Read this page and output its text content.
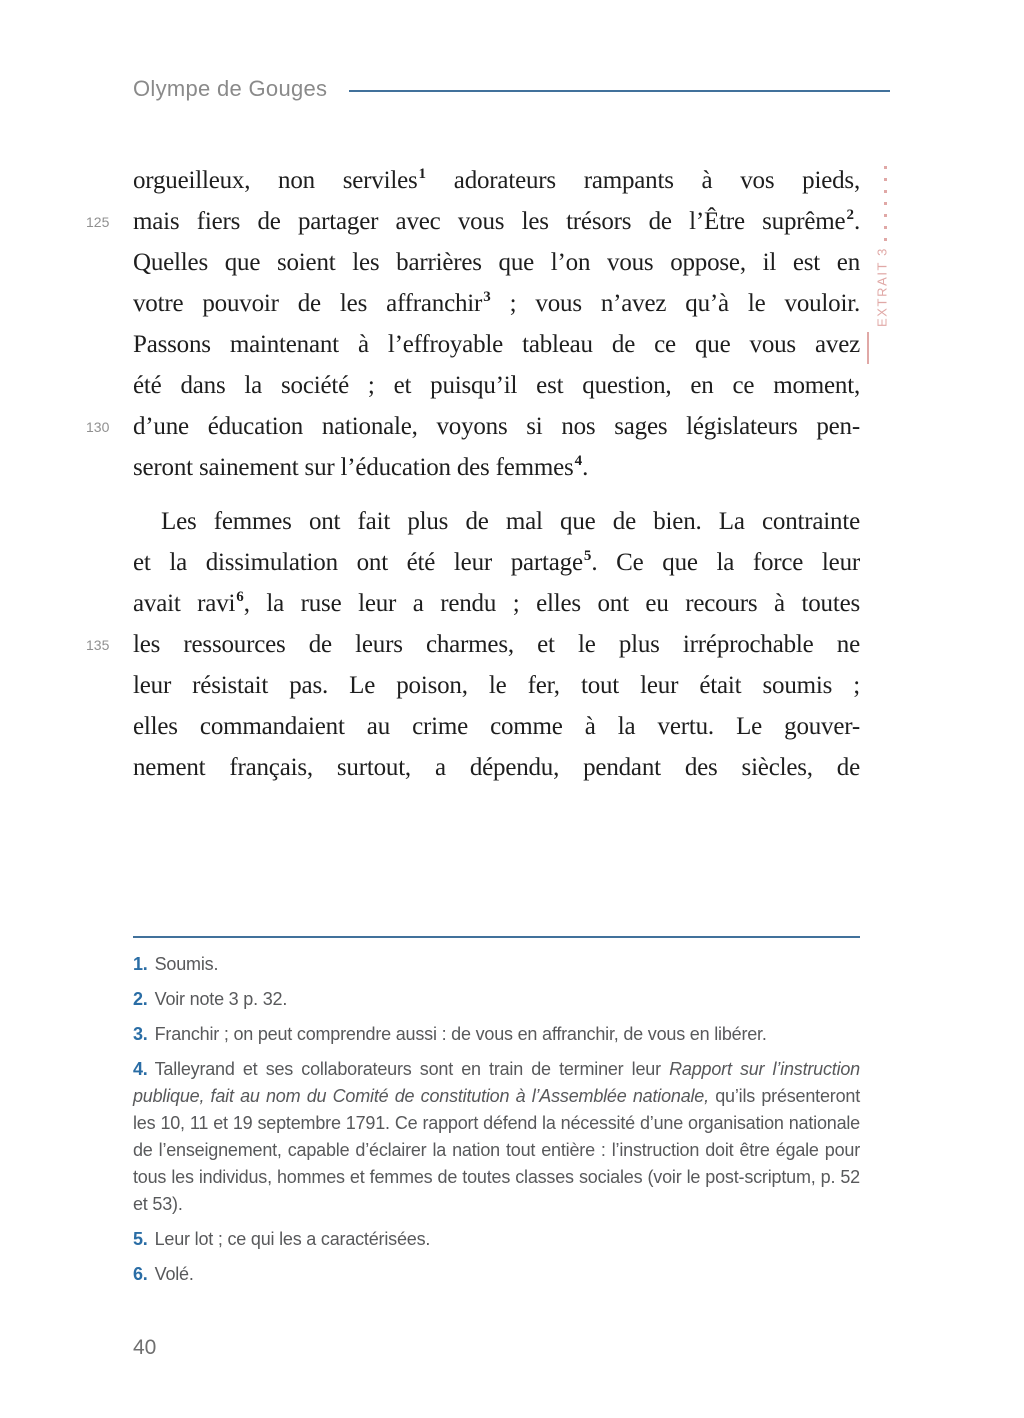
Olympe de Gouges
EXTRAIT 3
orgueilleux, non serviles$^1$ adorateurs rampants à vos pieds,
125 mais fiers de partager avec vous les trésors de l’Être suprême$^2$.
Quelles que soient les barrières que l’on vous oppose, il est en
votre pouvoir de les affranchir$^3$ ; vous n’avez qu’à le vouloir.
Passons maintenant à l’effroyable tableau de ce que vous avez
été dans la société ; et puisqu’il est question, en ce moment,
130 d’une éducation nationale, voyons si nos sages législateurs pen-
seront sainement sur l’éducation des femmes$^4$.
Les femmes ont fait plus de mal que de bien. La contrainte
et la dissimulation ont été leur partage$^5$. Ce que la force leur
avait ravi$^6$, la ruse leur a rendu ; elles ont eu recours à toutes
135 les ressources de leurs charmes, et le plus irréprochable ne
leur résistait pas. Le poison, le fer, tout leur était soumis ;
elles commandaient au crime comme à la vertu. Le gouver-
nement français, surtout, a dépendu, pendant des siècles, de
1. Soumis.
2. Voir note 3 p. 32.
3. Franchir ; on peut comprendre aussi : de vous en affranchir, de vous en libérer.
4. Talleyrand et ses collaborateurs sont en train de terminer leur Rapport sur l’instruction publique, fait au nom du Comité de constitution à l’Assemblée nationale, qu’ils présenteront les 10, 11 et 19 septembre 1791. Ce rapport défend la nécessité d’une organisation nationale de l’enseignement, capable d’éclairer la nation tout entière : l’instruction doit être égale pour tous les individus, hommes et femmes de toutes classes sociales (voir le post-scriptum, p. 52 et 53).
5. Leur lot ; ce qui les a caractérisées.
6. Volé.
40
